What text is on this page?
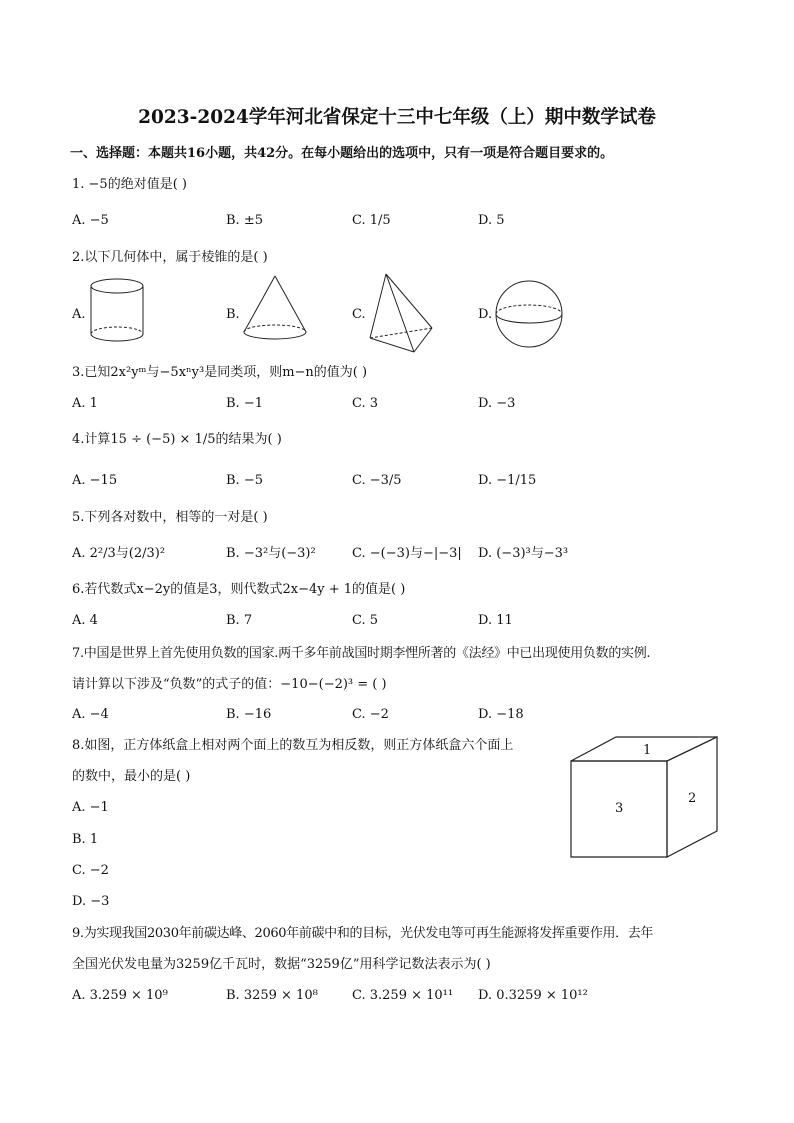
2023-2024学年河北省保定十三中七年级（上）期中数学试卷
一、选择题：本题共16小题，共42分。在每小题给出的选项中，只有一项是符合题目要求的。
1. −5的绝对值是( )
A. −5	B. ±5	C. 1/5	D. 5
2.以下几何体中，属于棱锥的是( )
A.	B.	C.	D.
3.已知2x²yᵐ与−5xⁿy³是同类项，则m−n的值为( )
A. 1	B. −1	C. 3	D. −3
4.计算15 ÷ (−5) × 1/5的结果为( )
A. −15	B. −5	C. −3/5	D. −1/15
5.下列各对数中，相等的一对是( )
A. 2²/3与(2/3)²	B. −3²与(−3)²	C. −(−3)与−|−3| D. (−3)³与−3³
6.若代数式x−2y的值是3，则代数式2x−4y + 1的值是( )
A. 4	B. 7	C. 5	D. 11
7.中国是世界上首先使用负数的国家.两千多年前战国时期李悝所著的《法经》中已出现使用负数的实例.
请计算以下涉及“负数”的式子的值：−10−(−2)³ = ( )
A. −4	B. −16	C. −2	D. −18
8.如图，正方体纸盒上相对两个面上的数互为相反数，则正方体纸盒六个面上
的数中，最小的是( )
A. −1
B. 1
C. −2
D. −3
1
3
2
9.为实现我国2030年前碳达峰、2060年前碳中和的目标，光伏发电等可再生能源将发挥重要作用．去年
全国光伏发电量为3259亿千瓦时，数据“3259亿”用科学记数法表示为( )
A. 3.259 × 10⁹	B. 3259 × 10⁸	C. 3.259 × 10¹¹ D. 0.3259 × 10¹²
